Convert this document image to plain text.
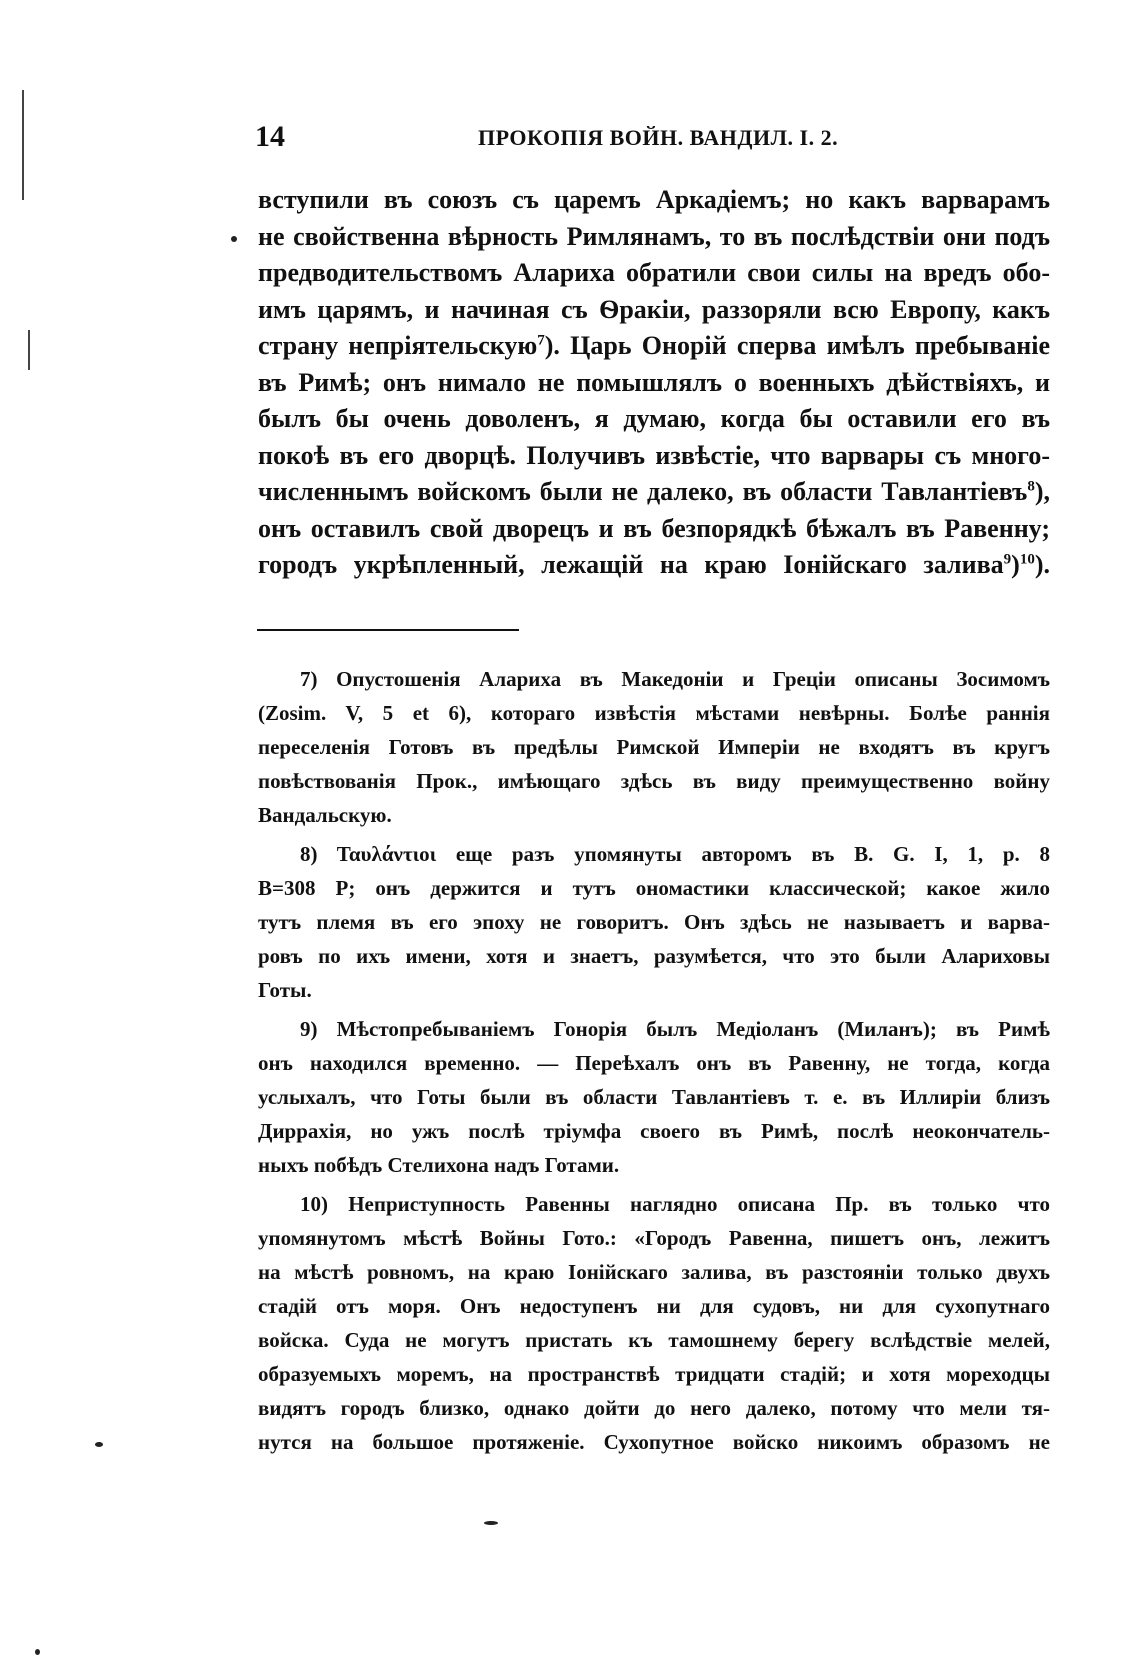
14	ПРОКОПІЯ ВОЙН. ВАНДИЛ. I. 2.
вступили въ союзъ съ царемъ Аркадіемъ; но какъ варварамъ
не свойственна вѣрность Римлянамъ, то въ послѣдствіи они подъ
предводительствомъ Алариха обратили свои силы на вредъ обо-
имъ царямъ, и начиная съ Ѳракіи, раззоряли всю Европу, какъ
страну непріятельскую$^7$). Царь Онорій сперва имѣлъ пребываніе
въ Римѣ; онъ нимало не помышлялъ о военныхъ дѣйствіяхъ, и
былъ бы очень доволенъ, я думаю, когда бы оставили его въ
покоѣ въ его дворцѣ. Получивъ извѣстіе, что варвары съ много-
численнымъ войскомъ были не далеко, въ области Тавлантіевъ$^8$),
онъ оставилъ свой дворецъ и въ безпорядкѣ бѣжалъ въ Равенну;
городъ укрѣпленный, лежащій на краю Іонійскаго залива$^9$)$^{10}$).
7) Опустошенія Алариха въ Македоніи и Греціи описаны Зосимомъ
(Zosim. V, 5 et 6), котораго извѣстія мѣстами невѣрны. Болѣе раннія
переселенія Готовъ въ предѣлы Римской Имперіи не входятъ въ кругъ
повѣствованія Прок., имѣющаго здѣсь въ виду преимущественно войну
Вандальскую.
8) Ταυλάντιοι еще разъ упомянуты авторомъ въ B. G. I, 1, p. 8
B=308 P; онъ держится и тутъ ономастики классической; какое жило
тутъ племя въ его эпоху не говоритъ. Онъ здѣсь не называетъ и варва-
ровъ по ихъ имени, хотя и знаетъ, разумѣется, что это были Алариховы
Готы.
9) Мѣстопребываніемъ Гонорія былъ Медіоланъ (Миланъ); въ Римѣ
онъ находился временно. — Переѣхалъ онъ въ Равенну, не тогда, когда
услыхалъ, что Готы были въ области Тавлантіевъ т. е. въ Иллиріи близъ
Диррахія, но ужъ послѣ тріумфа своего въ Римѣ, послѣ неокончатель-
ныхъ побѣдъ Стелихона надъ Готами.
10) Неприступность Равенны наглядно описана Пр. въ только что
упомянутомъ мѣстѣ Войны Гото.: «Городъ Равенна, пишетъ онъ, лежитъ
на мѣстѣ ровномъ, на краю Іонійскаго залива, въ разстояніи только двухъ
стадій отъ моря. Онъ недоступенъ ни для судовъ, ни для сухопутнаго
войска. Суда не могутъ пристать къ тамошнему берегу вслѣдствіе мелей,
образуемыхъ моремъ, на пространствѣ тридцати стадій; и хотя мореходцы
видятъ городъ близко, однако дойти до него далеко, потому что мели тя-
нутся на большое протяженіе. Сухопутное войско никоимъ образомъ не
